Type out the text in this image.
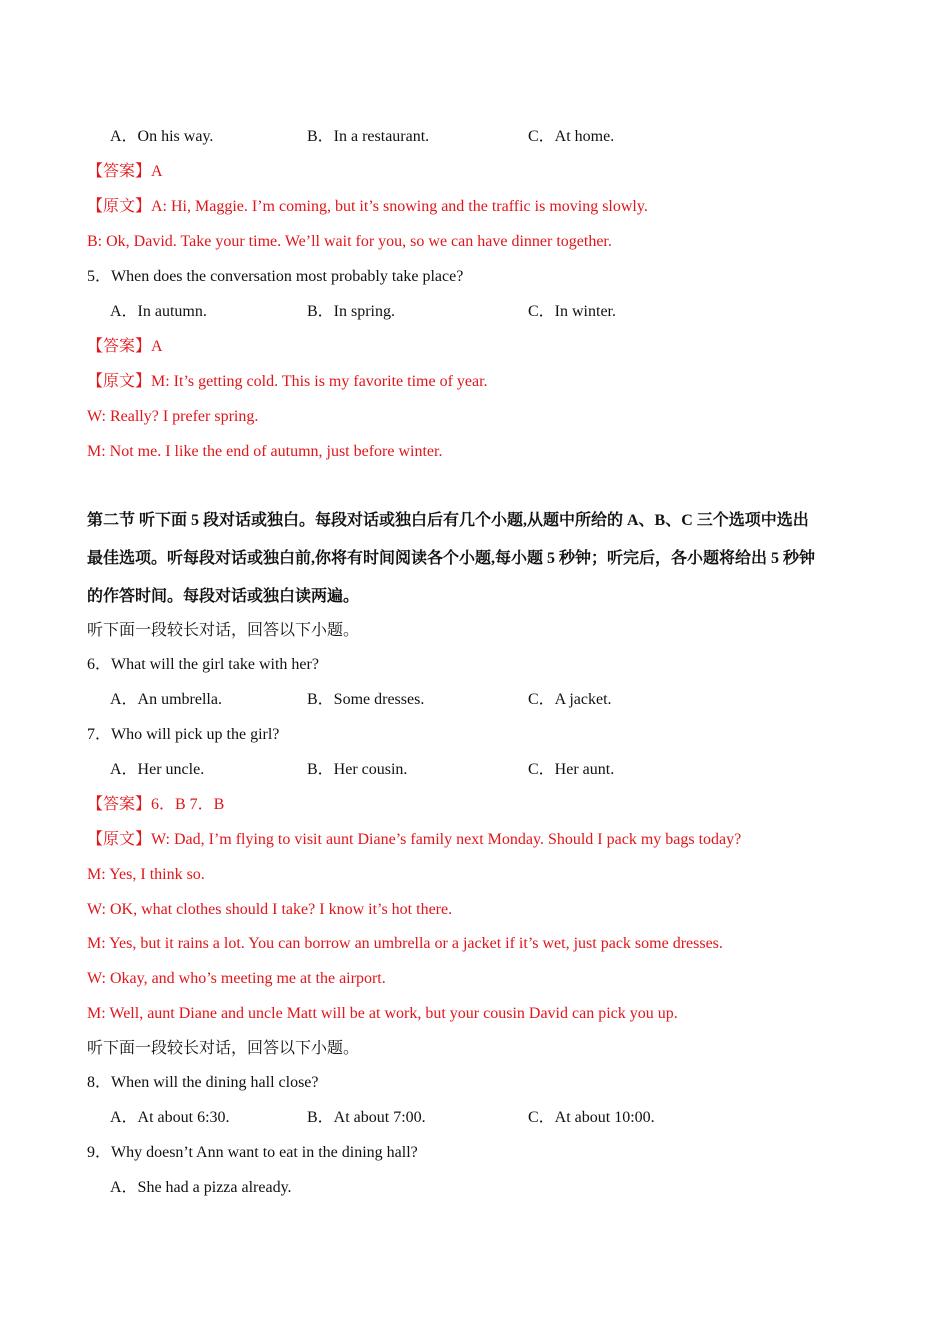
A．On his way.	B．In a restaurant.	C．At home.
【答案】A
【原文】A: Hi, Maggie. I’m coming, but it’s snowing and the traffic is moving slowly.
B: Ok, David. Take your time. We’ll wait for you, so we can have dinner together.
5．When does the conversation most probably take place?
A．In autumn.	B．In spring.	C．In winter.
【答案】A
【原文】M: It’s getting cold. This is my favorite time of year.
W: Really? I prefer spring.
M: Not me. I like the end of autumn, just before winter.
第二节 听下面 5 段对话或独白。每段对话或独白后有几个小题,从题中所给的 A、B、C 三个选项中选出
最佳选项。听每段对话或独白前,你将有时间阅读各个小题,每小题 5 秒钟；听完后，各小题将给出 5 秒钟
的作答时间。每段对话或独白读两遍。
听下面一段较长对话，回答以下小题。
6．What will the girl take with her?
A．An umbrella.	B．Some dresses.	C．A jacket.
7．Who will pick up the girl?
A．Her uncle.	B．Her cousin.	C．Her aunt.
【答案】6．B 7．B
【原文】W: Dad, I’m flying to visit aunt Diane’s family next Monday. Should I pack my bags today?
M: Yes, I think so.
W: OK, what clothes should I take? I know it’s hot there.
M: Yes, but it rains a lot. You can borrow an umbrella or a jacket if it’s wet, just pack some dresses.
W: Okay, and who’s meeting me at the airport.
M: Well, aunt Diane and uncle Matt will be at work, but your cousin David can pick you up.
听下面一段较长对话，回答以下小题。
8．When will the dining hall close?
A．At about 6:30.	B．At about 7:00.	C．At about 10:00.
9．Why doesn’t Ann want to eat in the dining hall?
A．She had a pizza already.
